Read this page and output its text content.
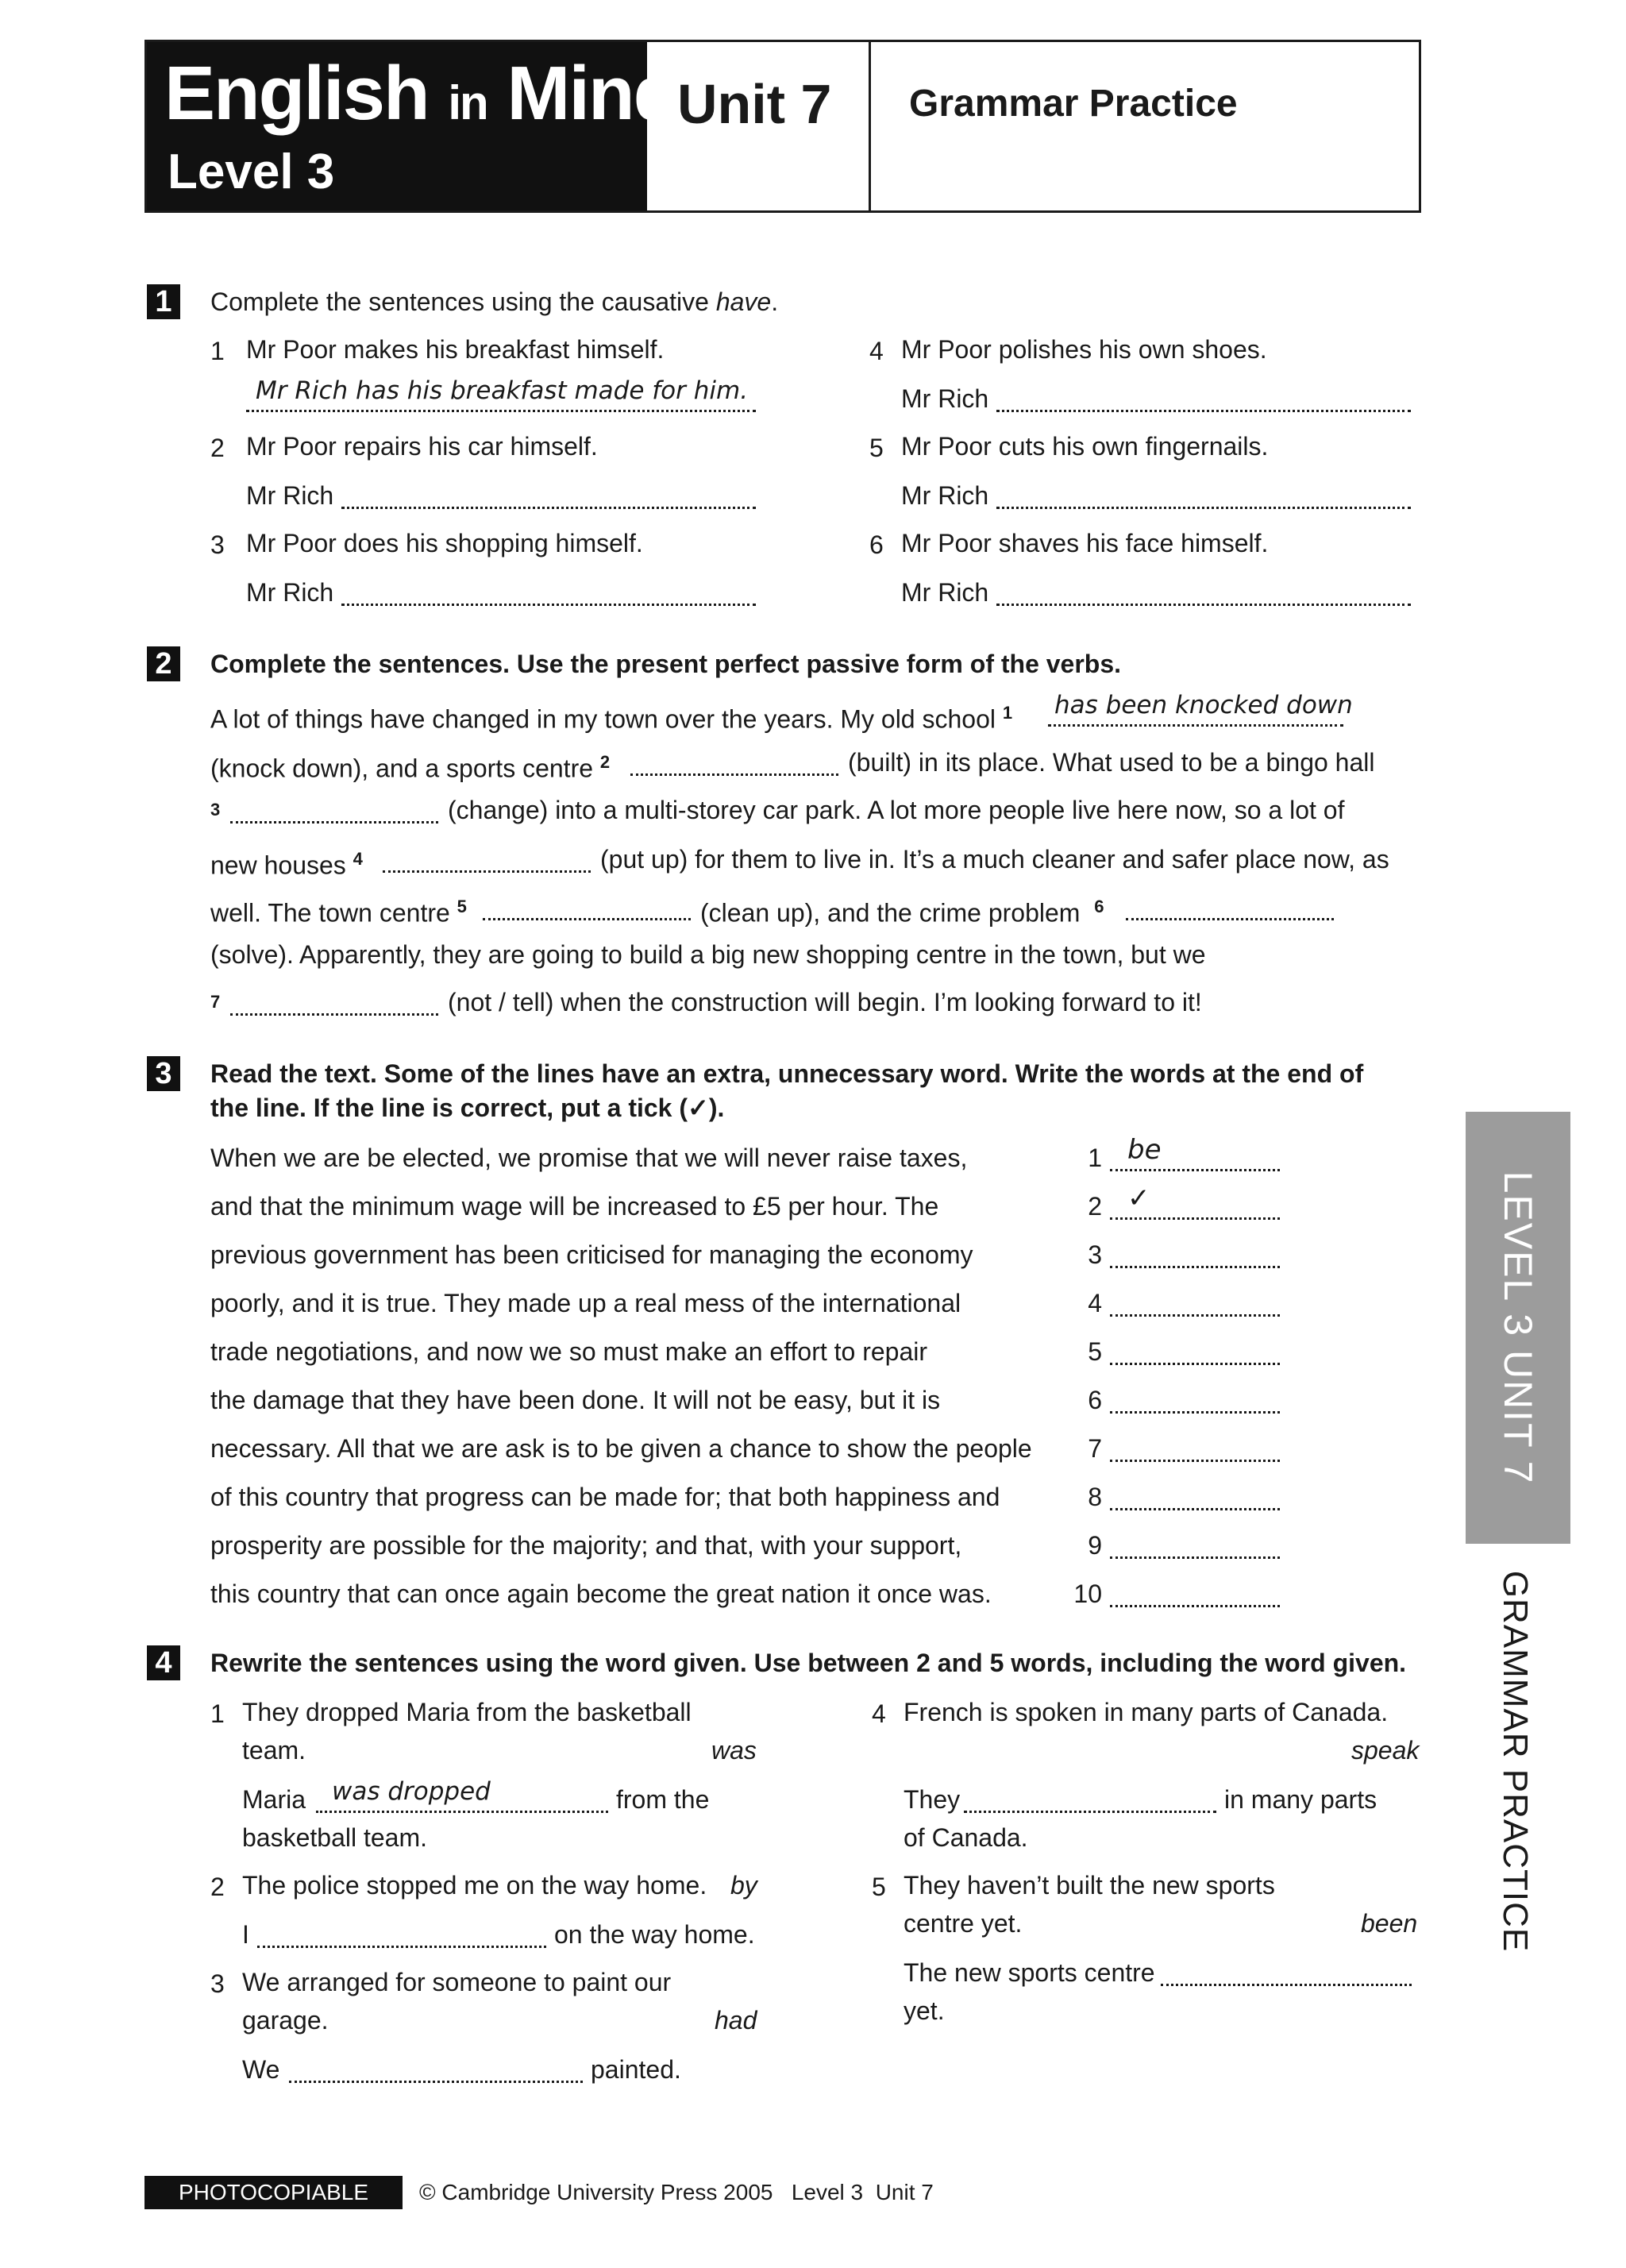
English in Mind
Level 3
Unit 7 Grammar Practice
1	Complete the sentences using the causative have.
1 Mr Poor makes his breakfast himself.
Mr Rich has his breakfast made for him.
2 Mr Poor repairs his car himself.
Mr Rich
3 Mr Poor does his shopping himself.
Mr Rich
4 Mr Poor polishes his own shoes.
Mr Rich
5 Mr Poor cuts his own fingernails.
Mr Rich
6 Mr Poor shaves his face himself.
Mr Rich
2	Complete the sentences. Use the present perfect passive form of the verbs.
A lot of things have changed in my town over the years. My old school $^1$ has been knocked down
(knock down), and a sports centre $^2$	(built) in its place. What used to be a bingo hall
$^3$	(change) into a multi-storey car park. A lot more people live here now, so a lot of
new houses $^4$	(put up) for them to live in. It’s a much cleaner and safer place now, as
well. The town centre $^5$	(clean up), and the crime problem $^6$
(solve). Apparently, they are going to build a big new shopping centre in the town, but we
$^7$	(not / tell) when the construction will begin. I’m looking forward to it!
3	Read the text. Some of the lines have an extra, unnecessary word. Write the words at the end of
the line. If the line is correct, put a tick (✓).
When we are be elected, we promise that we will never raise taxes,	1 be
and that the minimum wage will be increased to £5 per hour. The	2 ✓
previous government has been criticised for managing the economy	3
poorly, and it is true. They made up a real mess of the international	4
trade negotiations, and now we so must make an effort to repair	5
the damage that they have been done. It will not be easy, but it is	6
necessary. All that we are ask is to be given a chance to show the people	7
of this country that progress can be made for; that both happiness and	8
prosperity are possible for the majority; and that, with your support,	9
this country that can once again become the great nation it once was.	10
4	Rewrite the sentences using the word given. Use between 2 and 5 words, including the word given.
1 They dropped Maria from the basketball
team.	was
Maria was dropped	from the
basketball team.
2 The police stopped me on the way home. by
I	on the way home.
3 We arranged for someone to paint our
garage.	had
We	painted.
4 French is spoken in many parts of Canada.
speak
They	in many parts
of Canada.
5 They haven’t built the new sports
centre yet.	been
The new sports centre
yet.
LEVEL 3 UNIT 7
GRAMMAR PRACTICE
PHOTOCOPIABLE	© Cambridge University Press 2005 Level 3 Unit 7
